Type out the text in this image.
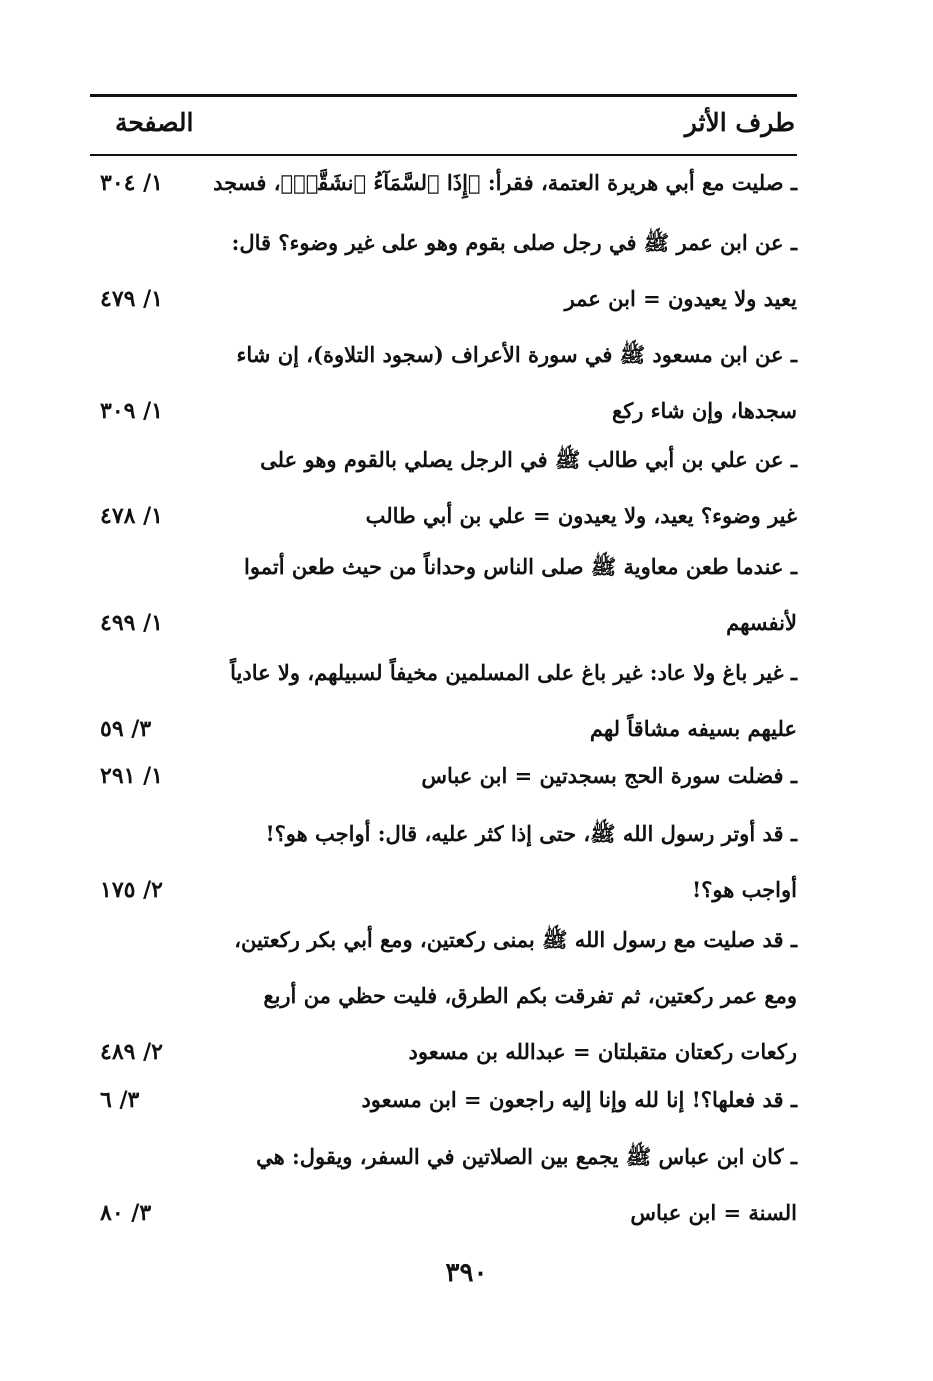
طرف الأثر
الصفحة
ـ صليت مع أبي هريرة العتمة، فقرأ: ﴿إِذَا ٱلسَّمَآءُ ٱنشَقَّتۡ﴾، فسجد
١/ ٣٠٤
ـ عن ابن عمر ﷺ في رجل صلى بقوم وهو على غير وضوء؟ قال:
يعيد ولا يعيدون = ابن عمر
١/ ٤٧٩
ـ عن ابن مسعود ﷺ في سورة الأعراف (سجود التلاوة)، إن شاء
سجدها، وإن شاء ركع
١/ ٣٠٩
ـ عن علي بن أبي طالب ﷺ في الرجل يصلي بالقوم وهو على
غير وضوء؟ يعيد، ولا يعيدون = علي بن أبي طالب
١/ ٤٧٨
ـ عندما طعن معاوية ﷺ صلى الناس وحداناً من حيث طعن أتموا
لأنفسهم
١/ ٤٩٩
ـ غير باغ ولا عاد: غير باغ على المسلمين مخيفاً لسبيلهم، ولا عادياً
عليهم بسيفه مشاقاً لهم
٣/ ٥٩
ـ فضلت سورة الحج بسجدتين = ابن عباس
١/ ٢٩١
ـ قد أوتر رسول الله ﷺ، حتى إذا كثر عليه، قال: أواجب هو؟!
أواجب هو؟!
٢/ ١٧٥
ـ قد صليت مع رسول الله ﷺ بمنى ركعتين، ومع أبي بكر ركعتين،
ومع عمر ركعتين، ثم تفرقت بكم الطرق، فليت حظي من أربع
ركعات ركعتان متقبلتان = عبدالله بن مسعود
٢/ ٤٨٩
ـ قد فعلها؟! إنا لله وإنا إليه راجعون = ابن مسعود
٣/ ٦
ـ كان ابن عباس ﷺ يجمع بين الصلاتين في السفر، ويقول: هي
السنة = ابن عباس
٣/ ٨٠
٣٩٠
